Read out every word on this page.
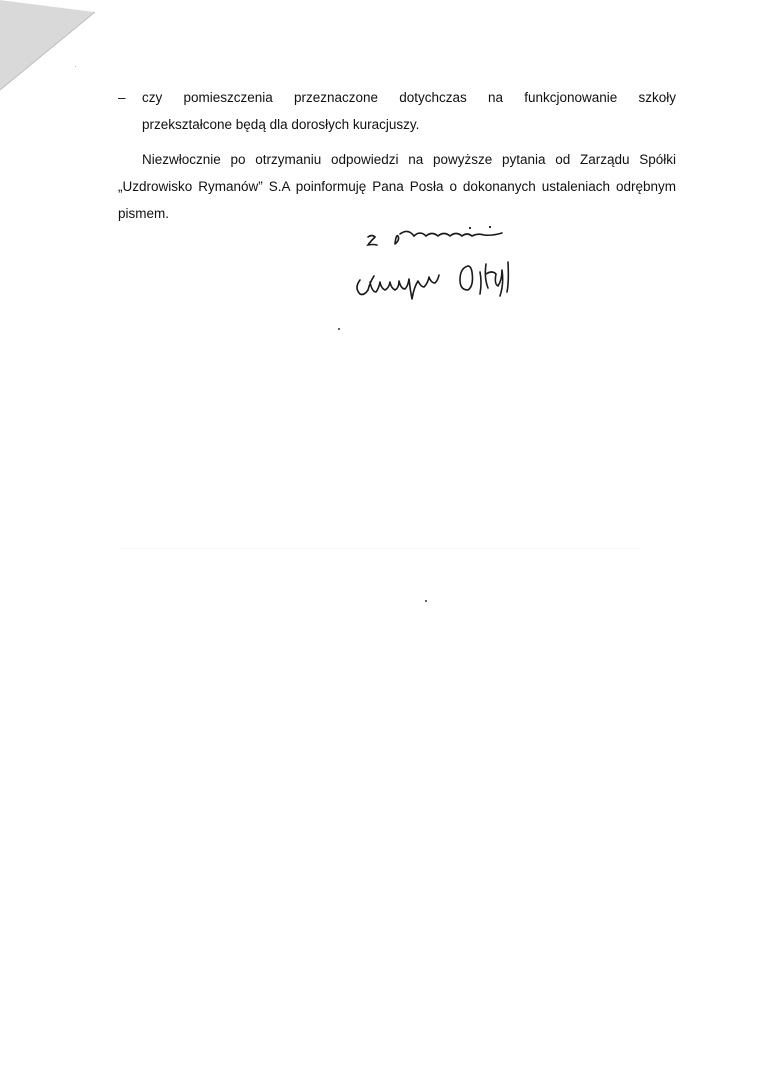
– czy pomieszczenia przeznaczone dotychczas na funkcjonowanie szkoły
przekształcone będą dla dorosłych kuracjuszy.
Niezwłocznie po otrzymaniu odpowiedzi na powyższe pytania od Zarządu Spółki
„Uzdrowisko Rymanów” S.A poinformuję Pana Posła o dokonanych ustaleniach odrębnym
pismem.
